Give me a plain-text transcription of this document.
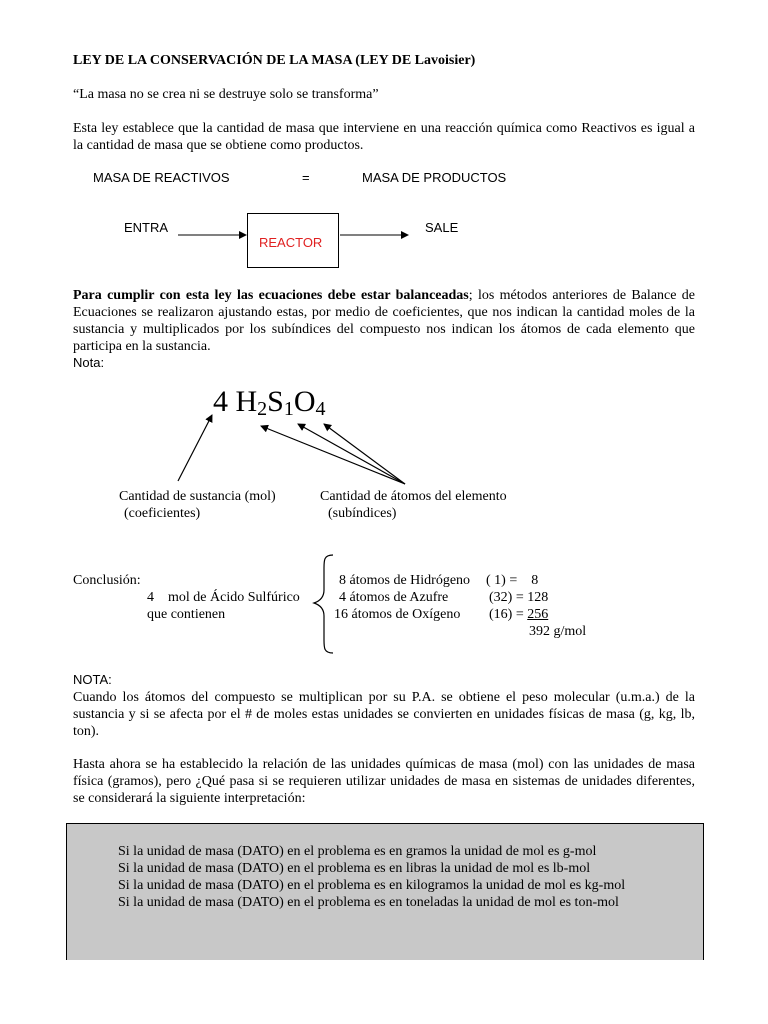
LEY DE LA CONSERVACIÓN DE LA MASA (LEY DE Lavoisier)
“La masa no se crea ni se destruye solo se transforma”
Esta ley establece que la cantidad de masa que interviene en una reacción química como Reactivos es igual a la cantidad de masa que se obtiene como productos.
MASA DE REACTIVOS	=	MASA DE PRODUCTOS
ENTRA
REACTOR
SALE
Para cumplir con esta ley las ecuaciones debe estar balanceadas; los métodos anteriores de Balance de Ecuaciones se realizaron ajustando estas, por medio de coeficientes, que nos indican la cantidad moles de la sustancia y multiplicados por los subíndices del compuesto nos indican los átomos de cada elemento que participa en la sustancia.
Nota:
4 $H_2S_1O_4$
Cantidad de sustancia (mol)
(coeficientes)
Cantidad de átomos del elemento
(subíndices)
Conclusión:
4    mol de Ácido Sulfúrico
que contienen
8 átomos de Hidrógeno ( 1) =    8
4 átomos de Azufre	(32) = 128
16 átomos de Oxígeno (16) = 256
392 g/mol
NOTA:
Cuando los átomos del compuesto se multiplican por su P.A. se obtiene el peso molecular (u.m.a.) de la sustancia y si se afecta por el # de moles estas unidades se convierten en unidades físicas de masa (g, kg, lb, ton).
Hasta ahora se ha establecido la relación de las unidades químicas de masa (mol) con las unidades de masa física (gramos), pero ¿Qué pasa si se requieren utilizar unidades de masa en sistemas de unidades diferentes, se considerará la siguiente interpretación:
Si la unidad de masa (DATO) en el problema es en gramos la unidad de mol es g-mol
Si la unidad de masa (DATO) en el problema es en libras la unidad de mol es lb-mol
Si la unidad de masa (DATO) en el problema es en kilogramos la unidad de mol es kg-mol
Si la unidad de masa (DATO) en el problema es en toneladas la unidad de mol es ton-mol
